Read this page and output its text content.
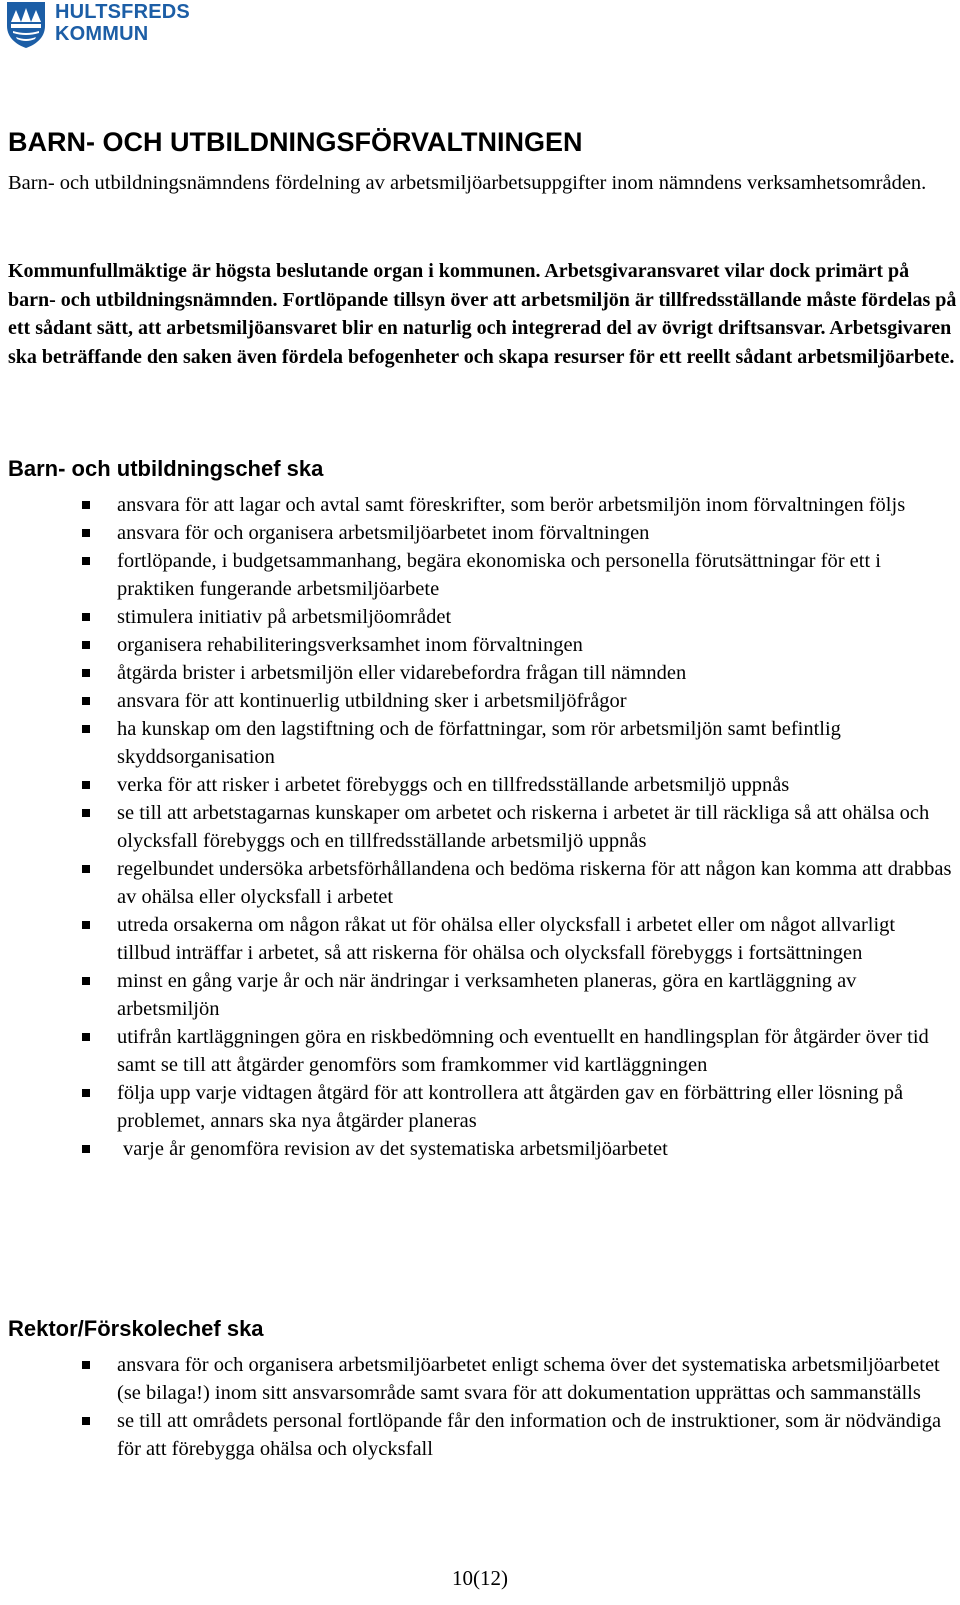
HULTSFREDS
KOMMUN
BARN- OCH UTBILDNINGSFÖRVALTNINGEN

Barn- och utbildningsnämndens fördelning av arbetsmiljöarbetsuppgifter inom nämndens verksamhetsområden.

Kommunfullmäktige är högsta beslutande organ i kommunen. Arbetsgivaransvaret vilar dock primärt på barn- och utbildningsnämnden. Fortlöpande tillsyn över att arbetsmiljön är tillfredsställande måste fördelas på ett sådant sätt, att arbetsmiljöansvaret blir en naturlig och integrerad del av övrigt driftsansvar. Arbetsgivaren ska beträffande den saken även fördela befogenheter och skapa resurser för ett reellt sådant arbetsmiljöarbete.

Barn- och utbildningschef ska
ansvara för att lagar och avtal samt föreskrifter, som berör arbetsmiljön inom förvaltningen följs
ansvara för och organisera arbetsmiljöarbetet inom förvaltningen
fortlöpande, i budgetsammanhang, begära ekonomiska och personella förutsättningar för ett i praktiken fungerande arbetsmiljöarbete
stimulera initiativ på arbetsmiljöområdet
organisera rehabiliteringsverksamhet inom förvaltningen
åtgärda brister i arbetsmiljön eller vidarebefordra frågan till nämnden
ansvara för att kontinuerlig utbildning sker i arbetsmiljöfrågor
ha kunskap om den lagstiftning och de författningar, som rör arbetsmiljön samt befintlig skyddsorganisation
verka för att risker i arbetet förebyggs och en tillfredsställande arbetsmiljö uppnås
se till att arbetstagarnas kunskaper om arbetet och riskerna i arbetet är till räckliga så att ohälsa och olycksfall förebyggs och en tillfredsställande arbetsmiljö uppnås
regelbundet undersöka arbetsförhållandena och bedöma riskerna för att någon kan komma att drabbas av ohälsa eller olycksfall i arbetet
utreda orsakerna om någon råkat ut för ohälsa eller olycksfall i arbetet eller om något allvarligt tillbud inträffar i arbetet, så att riskerna för ohälsa och olycksfall förebyggs i fortsättningen
minst en gång varje år och när ändringar i verksamheten planeras, göra en kartläggning av arbetsmiljön
utifrån kartläggningen göra en riskbedömning och eventuellt en handlingsplan för åtgärder över tid samt se till att åtgärder genomförs som framkommer vid kartläggningen
följa upp varje vidtagen åtgärd för att kontrollera att åtgärden gav en förbättring eller lösning på problemet, annars ska nya åtgärder planeras
varje år genomföra revision av det systematiska arbetsmiljöarbetet
Rektor/Förskolechef ska
ansvara för och organisera arbetsmiljöarbetet enligt schema över det systematiska arbetsmiljöarbetet (se bilaga!) inom sitt ansvarsområde samt svara för att dokumentation upprättas och sammanställs
se till att områdets personal fortlöpande får den information och de instruktioner, som är nödvändiga för att förebygga ohälsa och olycksfall
10(12)
